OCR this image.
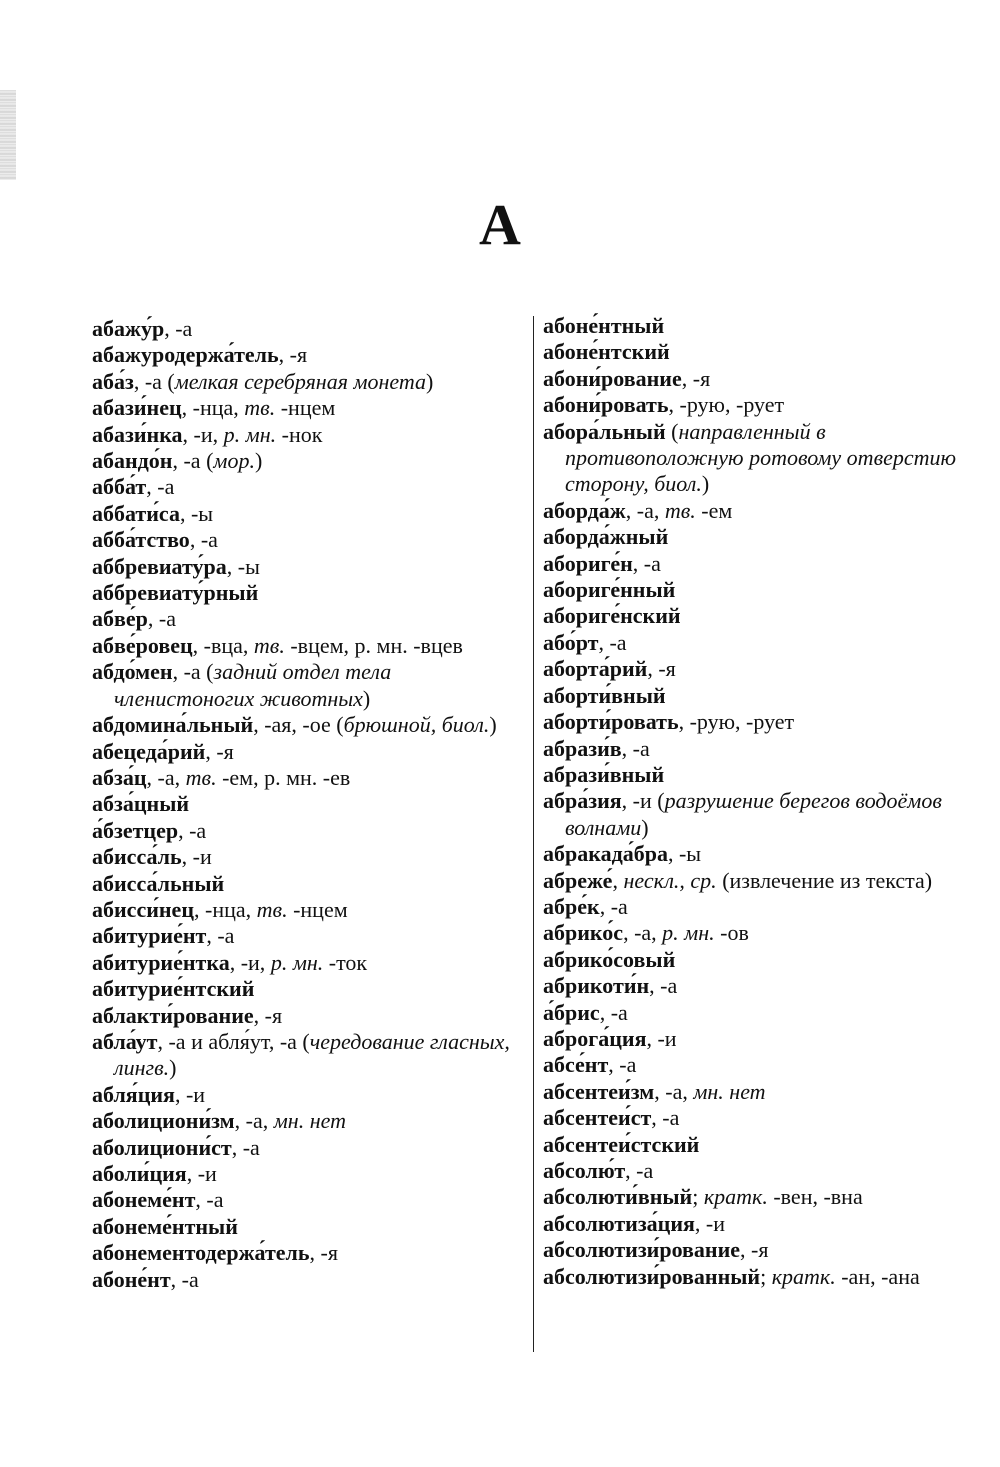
А
абажу́р, -а
абажуродержа́тель, -я
аба́з, -а (мелкая серебряная монета)
абази́нец, -нца, тв. -нцем
абази́нка, -и, р. мн. -нок
абандо́н, -а (мор.)
абба́т, -а
аббати́са, -ы
абба́тство, -а
аббревиату́ра, -ы
аббревиату́рный
абве́р, -а
абве́ровец, -вца, тв. -вцем, р. мн. -вцев
абдо́мен, -а (задний отдел тела членистоногих животных)
абдомина́льный, -ая, -ое (брюшной, биол.)
абецеда́рий, -я
абза́ц, -а, тв. -ем, р. мн. -ев
абза́цный
а́бзетцер, -а
абисса́ль, -и
абисса́льный
абисси́нец, -нца, тв. -нцем
абитурие́нт, -а
абитурие́нтка, -и, р. мн. -ток
абитурие́нтский
аблакти́рование, -я
абла́ут, -а и абля́ут, -а (чередование гласных, лингв.)
абля́ция, -и
аболициони́зм, -а, мн. нет
аболициони́ст, -а
аболи́ция, -и
абонеме́нт, -а
абонеме́нтный
абонементодержа́тель, -я
абоне́нт, -а
абоне́нтный
абоне́нтский
абони́рование, -я
абони́ровать, -рую, -рует
абора́льный (направленный в противоположную ротовому отверстию сторону, биол.)
аборда́ж, -а, тв. -ем
аборда́жный
абориге́н, -а
абориге́нный
абориге́нский
або́рт, -а
аборта́рий, -я
аборти́вный
аборти́ровать, -рую, -рует
абрази́в, -а
абрази́вный
абра́зия, -и (разрушение берегов водоёмов волнами)
абракада́бра, -ы
абреже́, нескл., ср. (извлечение из текста)
абре́к, -а
абрико́с, -а, р. мн. -ов
абрико́совый
абрикоти́н, -а
а́брис, -а
аброга́ция, -и
абсе́нт, -а
абсентеи́зм, -а, мн. нет
абсентеи́ст, -а
абсентеи́стский
абсолю́т, -а
абсолюти́вный; кратк. -вен, -вна
абсолютиза́ция, -и
абсолютизи́рование, -я
абсолютизи́рованный; кратк. -ан, -ана
